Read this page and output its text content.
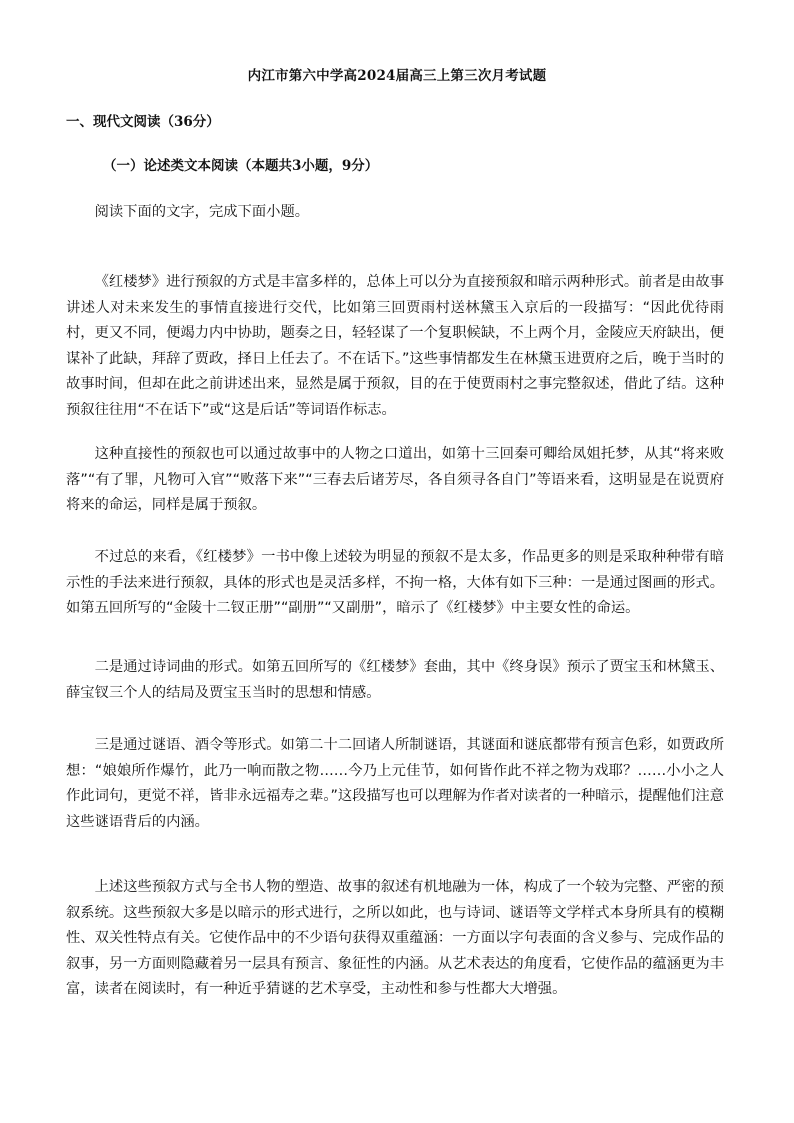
内江市第六中学高2024届高三上第三次月考试题
一、现代文阅读（36分）
（一）论述类文本阅读（本题共3小题，9分）

阅读下面的文字，完成下面小题。

《红楼梦》进行预叙的方式是丰富多样的，总体上可以分为直接预叙和暗示两种形式。前者是由故事讲述人对未来发生的事情直接进行交代，比如第三回贾雨村送林黛玉入京后的一段描写：“因此优待雨村，更又不同，便竭力内中协助，题奏之日，轻轻谋了一个复职候缺，不上两个月，金陵应天府缺出，便谋补了此缺，拜辞了贾政，择日上任去了。不在话下。”这些事情都发生在林黛玉进贾府之后，晚于当时的故事时间，但却在此之前讲述出来，显然是属于预叙，目的在于使贾雨村之事完整叙述，借此了结。这种预叙往往用“不在话下”或“这是后话”等词语作标志。

这种直接性的预叙也可以通过故事中的人物之口道出，如第十三回秦可卿给凤姐托梦，从其“将来败落”“有了罪，凡物可入官”“败落下来”“三春去后诸芳尽，各自须寻各自门”等语来看，这明显是在说贾府将来的命运，同样是属于预叙。

不过总的来看，《红楼梦》一书中像上述较为明显的预叙不是太多，作品更多的则是采取种种带有暗示性的手法来进行预叙，具体的形式也是灵活多样，不拘一格，大体有如下三种：一是通过图画的形式。如第五回所写的“金陵十二钗正册”“副册”“又副册”，暗示了《红楼梦》中主要女性的命运。

二是通过诗词曲的形式。如第五回所写的《红楼梦》套曲，其中《终身误》预示了贾宝玉和林黛玉、薛宝钗三个人的结局及贾宝玉当时的思想和情感。

三是通过谜语、酒令等形式。如第二十二回诸人所制谜语，其谜面和谜底都带有预言色彩，如贾政所想：“娘娘所作爆竹，此乃一响而散之物……今乃上元佳节，如何皆作此不祥之物为戏耶？……小小之人作此词句，更觉不祥，皆非永远福寿之辈。”这段描写也可以理解为作者对读者的一种暗示，提醒他们注意这些谜语背后的内涵。

上述这些预叙方式与全书人物的塑造、故事的叙述有机地融为一体，构成了一个较为完整、严密的预叙系统。这些预叙大多是以暗示的形式进行，之所以如此，也与诗词、谜语等文学样式本身所具有的模糊性、双关性特点有关。它使作品中的不少语句获得双重蕴涵：一方面以字句表面的含义参与、完成作品的叙事，另一方面则隐藏着另一层具有预言、象征性的内涵。从艺术表达的角度看，它使作品的蕴涵更为丰富，读者在阅读时，有一种近乎猜谜的艺术享受，主动性和参与性都大大增强。
